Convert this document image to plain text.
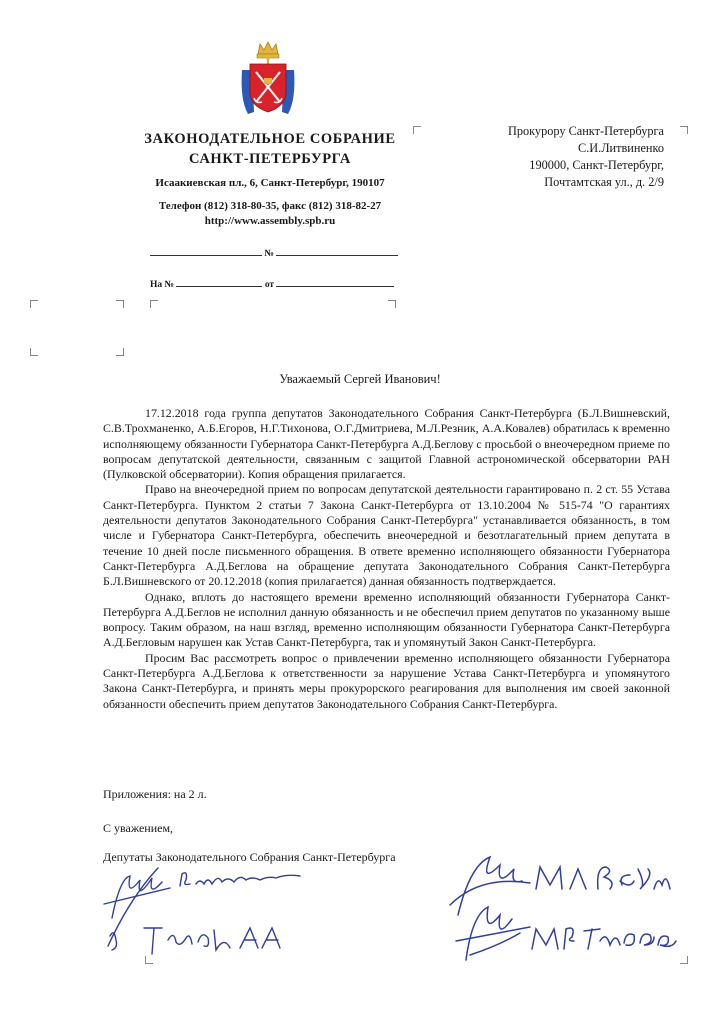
ЗАКОНОДАТЕЛЬНОЕ СОБРАНИЕ
САНКТ-ПЕТЕРБУРГА
Исаакиевская пл., 6, Санкт-Петербург, 190107
Телефон (812) 318-80-35, факс (812) 318-82-27
http://www.assembly.spb.ru
№
На №	от
Прокурору Санкт-Петербурга
С.И.Литвиненко
190000, Санкт-Петербург,
Почтамтская ул., д. 2/9
Уважаемый Сергей Иванович!

17.12.2018 года группа депутатов Законодательного Собрания Санкт-Петербурга (Б.Л.Вишневский, С.В.Трохманенко, А.Б.Егоров, Н.Г.Тихонова, О.Г.Дмитриева, М.Л.Резник, А.А.Ковалев) обратилась к временно исполняющему обязанности Губернатора Санкт-Петербурга А.Д.Беглову с просьбой о внеочередном приеме по вопросам депутатской деятельности, связанным с защитой Главной астрономической обсерватории РАН (Пулковской обсерватории). Копия обращения прилагается.

Право на внеочередной прием по вопросам депутатской деятельности гарантировано п. 2 ст. 55 Устава Санкт-Петербурга. Пунктом 2 статьи 7 Закона Санкт-Петербурга от 13.10.2004 № 515-74 "О гарантиях деятельности депутатов Законодательного Собрания Санкт-Петербурга" устанавливается обязанность, в том числе и Губернатора Санкт-Петербурга, обеспечить внеочередной и безотлагательный прием депутата в течение 10 дней после письменного обращения. В ответе временно исполняющего обязанности Губернатора Санкт-Петербурга А.Д.Беглова на обращение депутата Законодательного Собрания Санкт-Петербурга Б.Л.Вишневского от 20.12.2018 (копия прилагается) данная обязанность подтверждается.

Однако, вплоть до настоящего времени временно исполняющий обязанности Губернатора Санкт-Петербурга А.Д.Беглов не исполнил данную обязанность и не обеспечил прием депутатов по указанному выше вопросу. Таким образом, на наш взгляд, временно исполняющим обязанности Губернатора Санкт-Петербурга А.Д.Бегловым нарушен как Устав Санкт-Петербурга, так и упомянутый Закон Санкт-Петербурга.

Просим Вас рассмотреть вопрос о привлечении временно исполняющего обязанности Губернатора Санкт-Петербурга А.Д.Беглова к ответственности за нарушение Устава Санкт-Петербурга и упомянутого Закона Санкт-Петербурга, и принять меры прокурорского реагирования для выполнения им своей законной обязанности обеспечить прием депутатов Законодательного Собрания Санкт-Петербурга.

Приложения: на 2 л.
С уважением,
Депутаты Законодательного Собрания Санкт-Петербурга
